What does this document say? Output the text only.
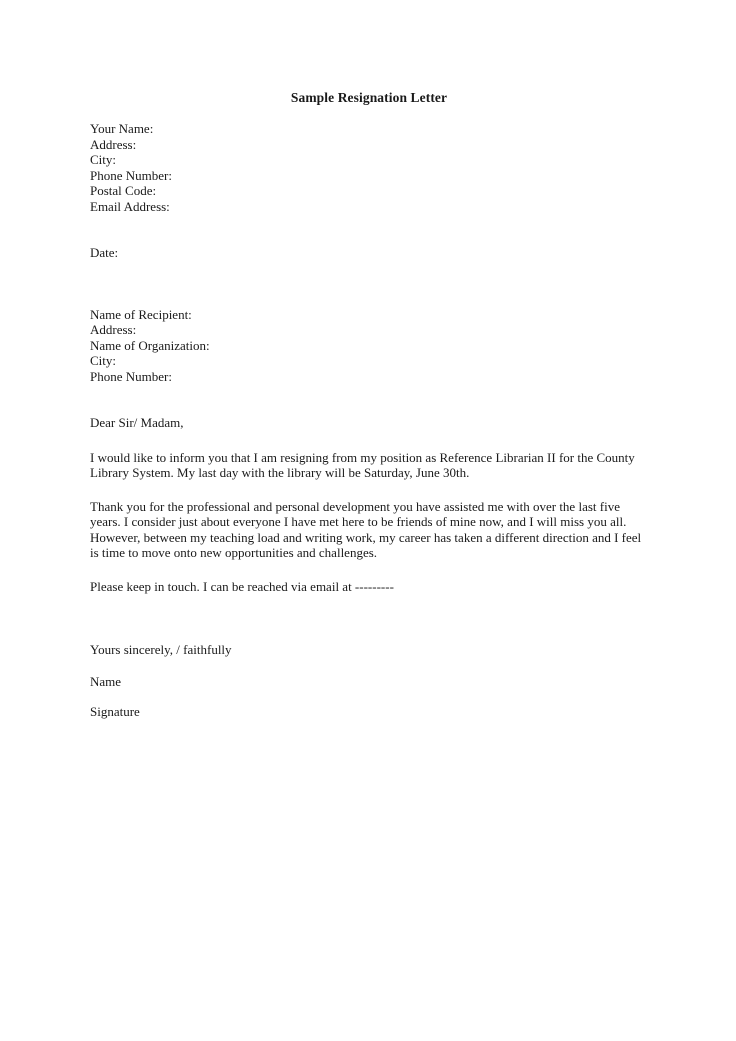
Sample Resignation Letter
Your Name:
Address:
City:
Phone Number:
Postal Code:
Email Address:
Date:
Name of Recipient:
Address:
Name of Organization:
City:
Phone Number:
Dear Sir/ Madam,

I would like to inform you that I am resigning from my position as Reference Librarian II for the County Library System. My last day with the library will be Saturday, June 30th.

Thank you for the professional and personal development you have assisted me with over the last five years. I consider just about everyone I have met here to be friends of mine now, and I will miss you all. However, between my teaching load and writing work, my career has taken a different direction and I feel is time to move onto new opportunities and challenges.

Please keep in touch. I can be reached via email at ---------

Yours sincerely, / faithfully
Name
Signature
